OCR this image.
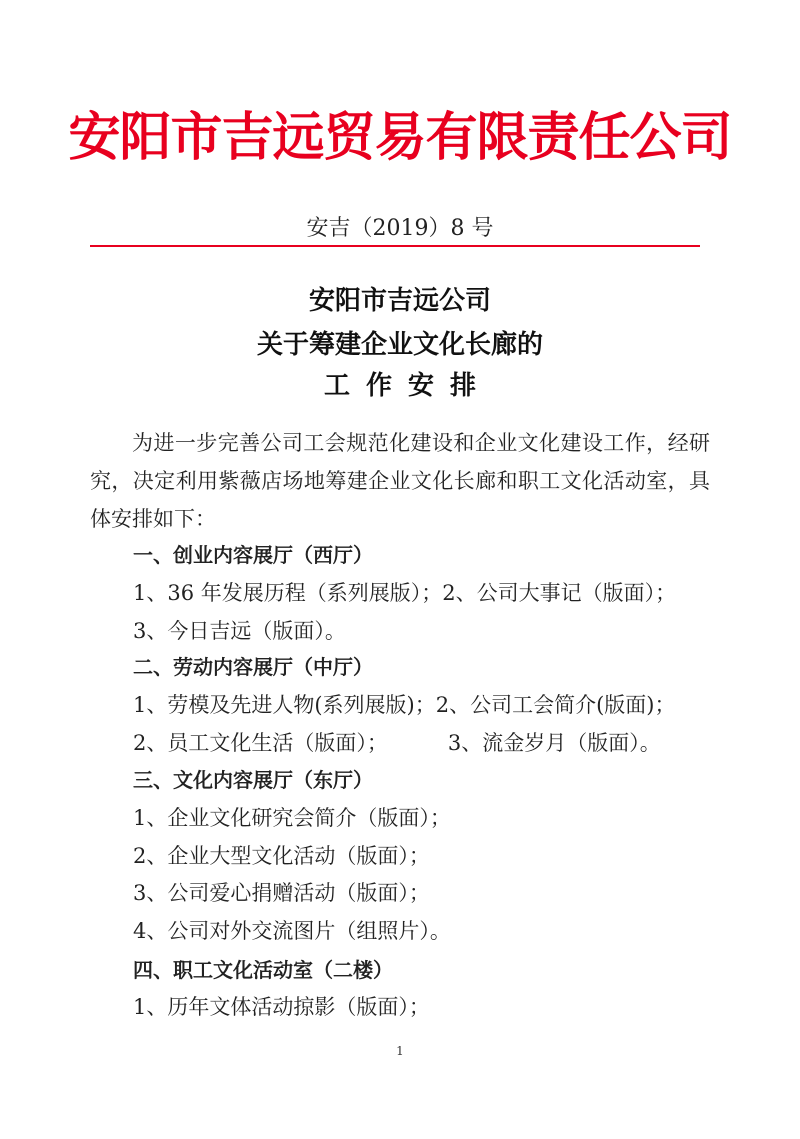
安阳市吉远贸易有限责任公司
安吉（2019）8 号
安阳市吉远公司
关于筹建企业文化长廊的
工作安排
为进一步完善公司工会规范化建设和企业文化建设工作，经研究，决定利用紫薇店场地筹建企业文化长廊和职工文化活动室，具体安排如下：
一、创业内容展厅（西厅）
1、36 年发展历程（系列展版）；2、公司大事记（版面）；
3、今日吉远（版面）。
二、劳动内容展厅（中厅）
1、劳模及先进人物(系列展版)；2、公司工会简介(版面)；
2、员工文化生活（版面）；	3、流金岁月（版面）。
三、文化内容展厅（东厅）
1、企业文化研究会简介（版面）；
2、企业大型文化活动（版面）；
3、公司爱心捐赠活动（版面）；
4、公司对外交流图片（组照片）。
四、职工文化活动室（二楼）
1、历年文体活动掠影（版面）；
1
